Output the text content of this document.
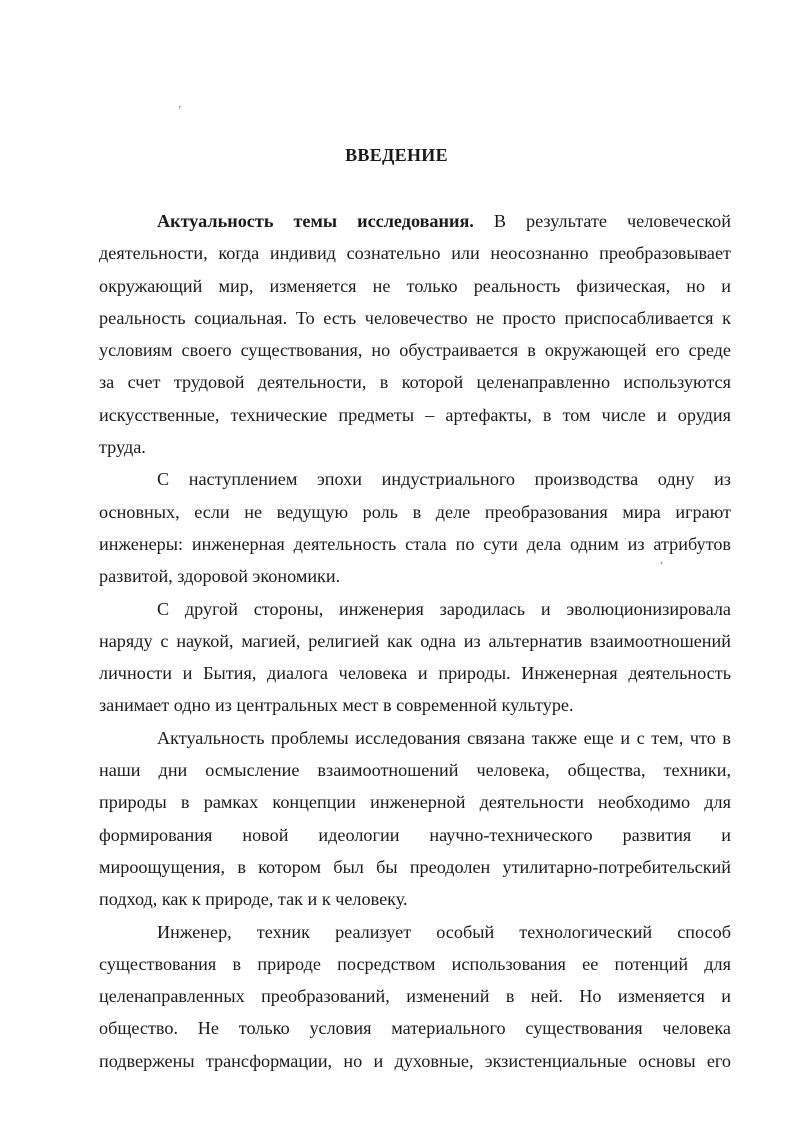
ʼ
ʼ
ВВЕДЕНИЕ
Актуальность темы исследования. В результате человеческой
деятельности, когда индивид сознательно или неосознанно преобразовывает
окружающий мир, изменяется не только реальность физическая, но и
реальность социальная. То есть человечество не просто приспосабливается к
условиям своего существования, но обустраивается в окружающей его среде
за счет трудовой деятельности, в которой целенаправленно используются
искусственные, технические предметы – артефакты, в том числе и орудия
труда.
С наступлением эпохи индустриального производства одну из
основных, если не ведущую роль в деле преобразования мира играют
инженеры: инженерная деятельность стала по сути дела одним из атрибутов
развитой, здоровой экономики.
С другой стороны, инженерия зародилась и эволюционизировала
наряду с наукой, магией, религией как одна из альтернатив взаимоотношений
личности и Бытия, диалога человека и природы. Инженерная деятельность
занимает одно из центральных мест в современной культуре.
Актуальность проблемы исследования связана также еще и с тем, что в
наши дни осмысление взаимоотношений человека, общества, техники,
природы в рамках концепции инженерной деятельности необходимо для
формирования новой идеологии научно-технического развития и
мироощущения, в котором был бы преодолен утилитарно-потребительский
подход, как к природе, так и к человеку.
Инженер, техник реализует особый технологический способ
существования в природе посредством использования ее потенций для
целенаправленных преобразований, изменений в ней. Но изменяется и
общество. Не только условия материального существования человека
подвержены трансформации, но и духовные, экзистенциальные основы его
